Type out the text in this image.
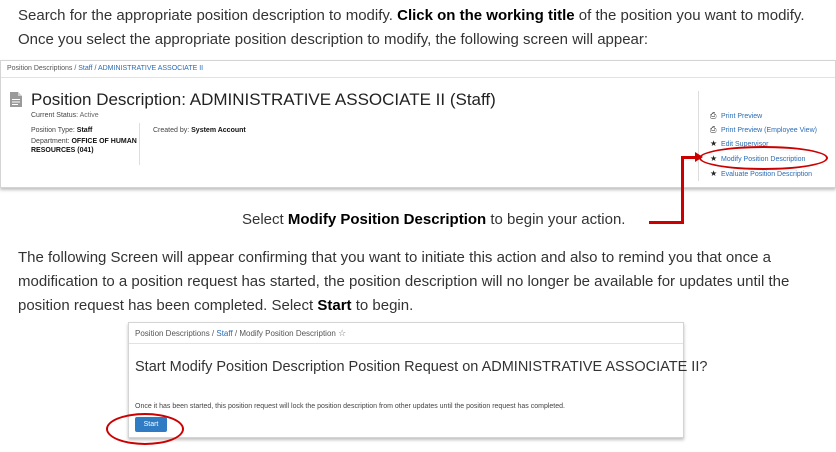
Search for the appropriate position description to modify. Click on the working title of the position you want to modify. Once you select the appropriate position description to modify, the following screen will appear:
Position Descriptions / Staff / ADMINISTRATIVE ASSOCIATE II
Position Description: ADMINISTRATIVE ASSOCIATE II (Staff)
Current Status: Active
Position Type: Staff
Department: OFFICE OF HUMAN RESOURCES (041)
Created by: System Account
⎙ Print Preview
⎙ Print Preview (Employee View)
★ Edit Supervisor
★ Modify Position Description
★ Evaluate Position Description
Select Modify Position Description to begin your action.
The following Screen will appear confirming that you want to initiate this action and also to remind you that once a modification to a position request has started, the position description will no longer be available for updates until the position request has been completed. Select Start to begin.
Position Descriptions / Staff / Modify Position Description ☆
Start Modify Position Description Position Request on ADMINISTRATIVE ASSOCIATE II?
Once it has been started, this position request will lock the position description from other updates until the position request has completed.
Start
